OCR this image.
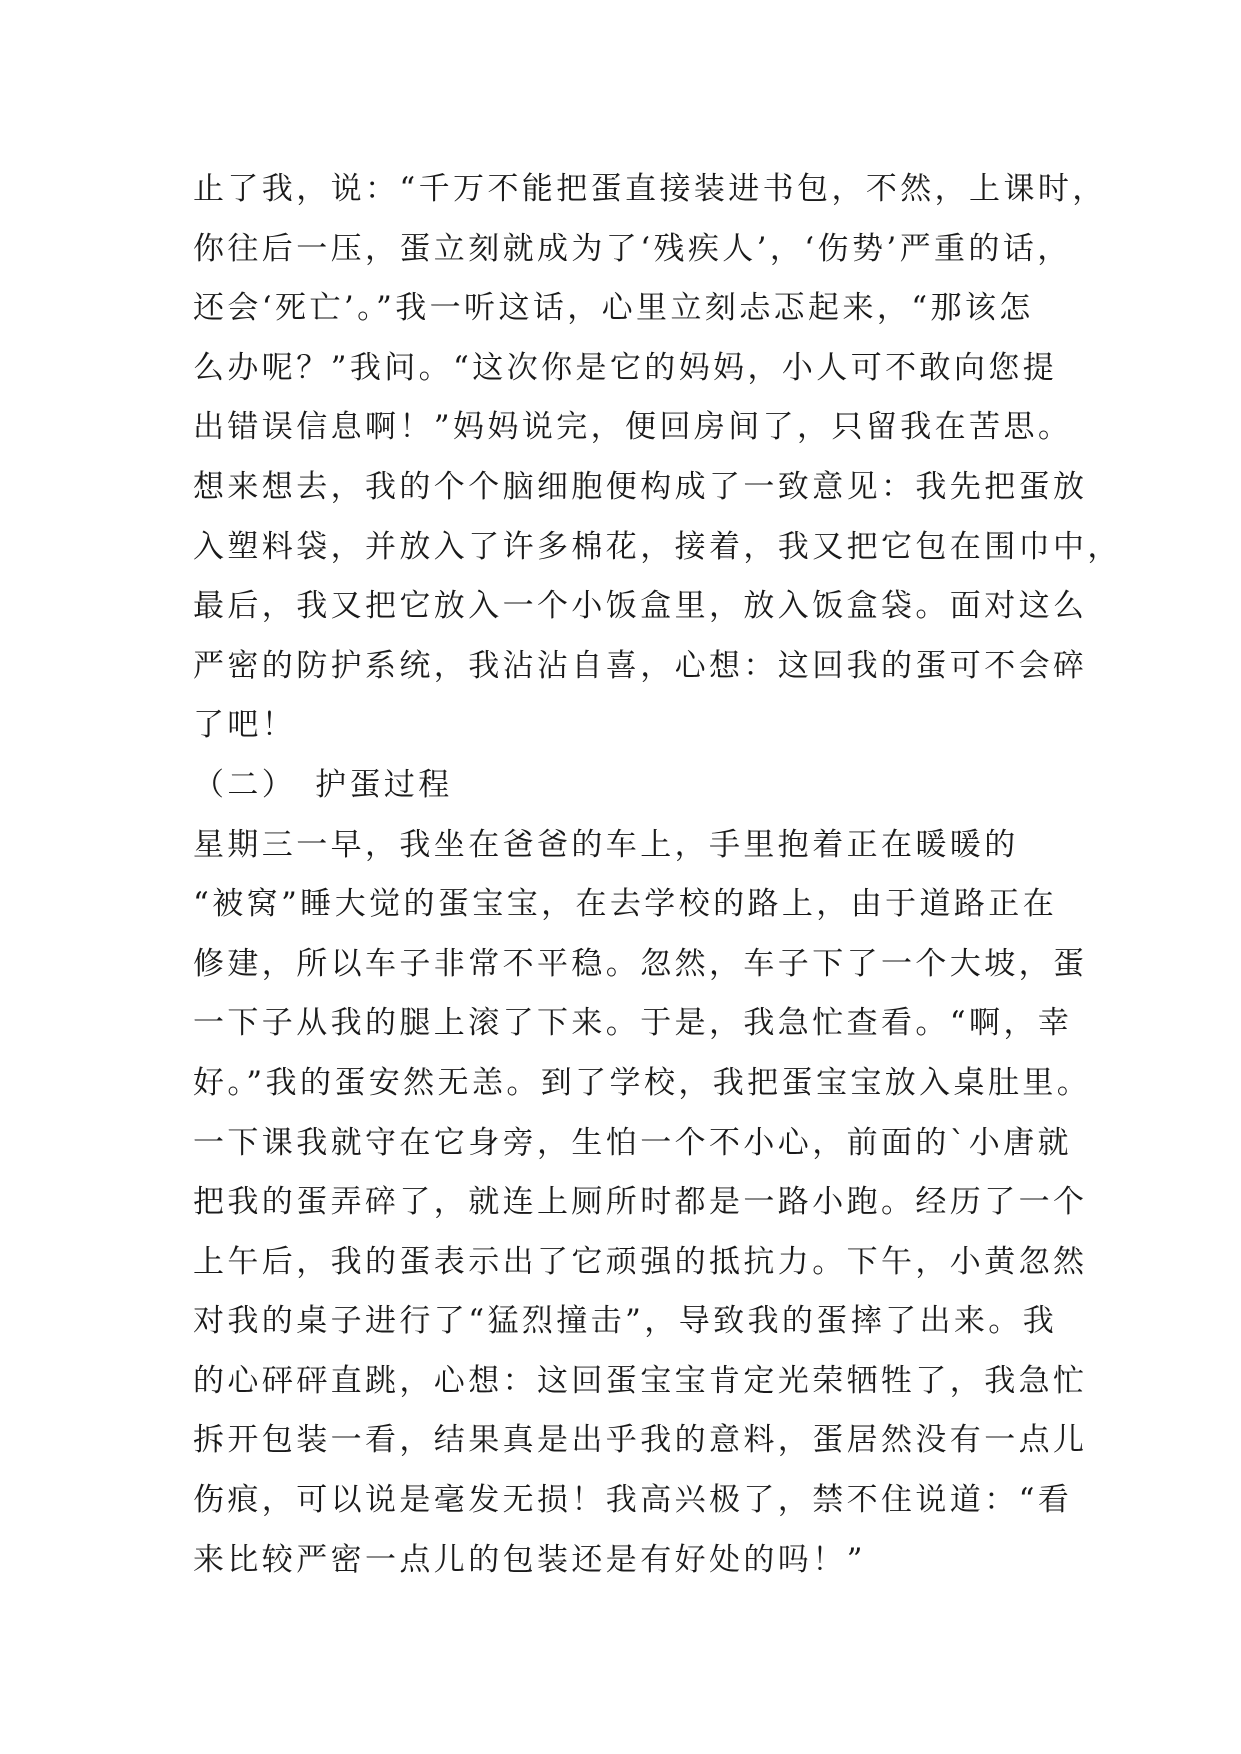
止了我，说：“千万不能把蛋直接装进书包，不然，上课时，
你往后一压，蛋立刻就成为了‘残疾人’，‘伤势’严重的话，
还会‘死亡’。”我一听这话，心里立刻忐忑起来，“那该怎
么办呢？”我问。“这次你是它的妈妈，小人可不敢向您提
出错误信息啊！”妈妈说完，便回房间了，只留我在苦思。
想来想去，我的个个脑细胞便构成了一致意见：我先把蛋放
入塑料袋，并放入了许多棉花，接着，我又把它包在围巾中，
最后，我又把它放入一个小饭盒里，放入饭盒袋。面对这么
严密的防护系统，我沾沾自喜，心想：这回我的蛋可不会碎
了吧！
（二）　护蛋过程
星期三一早，我坐在爸爸的车上，手里抱着正在暖暖的
“被窝”睡大觉的蛋宝宝，在去学校的路上，由于道路正在
修建，所以车子非常不平稳。忽然，车子下了一个大坡，蛋
一下子从我的腿上滚了下来。于是，我急忙查看。“啊，幸
好。”我的蛋安然无恙。到了学校，我把蛋宝宝放入桌肚里。
一下课我就守在它身旁，生怕一个不小心，前面的`小唐就
把我的蛋弄碎了，就连上厕所时都是一路小跑。经历了一个
上午后，我的蛋表示出了它顽强的抵抗力。下午，小黄忽然
对我的桌子进行了“猛烈撞击”，导致我的蛋摔了出来。我
的心砰砰直跳，心想：这回蛋宝宝肯定光荣牺牲了，我急忙
拆开包装一看，结果真是出乎我的意料，蛋居然没有一点儿
伤痕，可以说是毫发无损！我高兴极了，禁不住说道：“看
来比较严密一点儿的包装还是有好处的吗！”
